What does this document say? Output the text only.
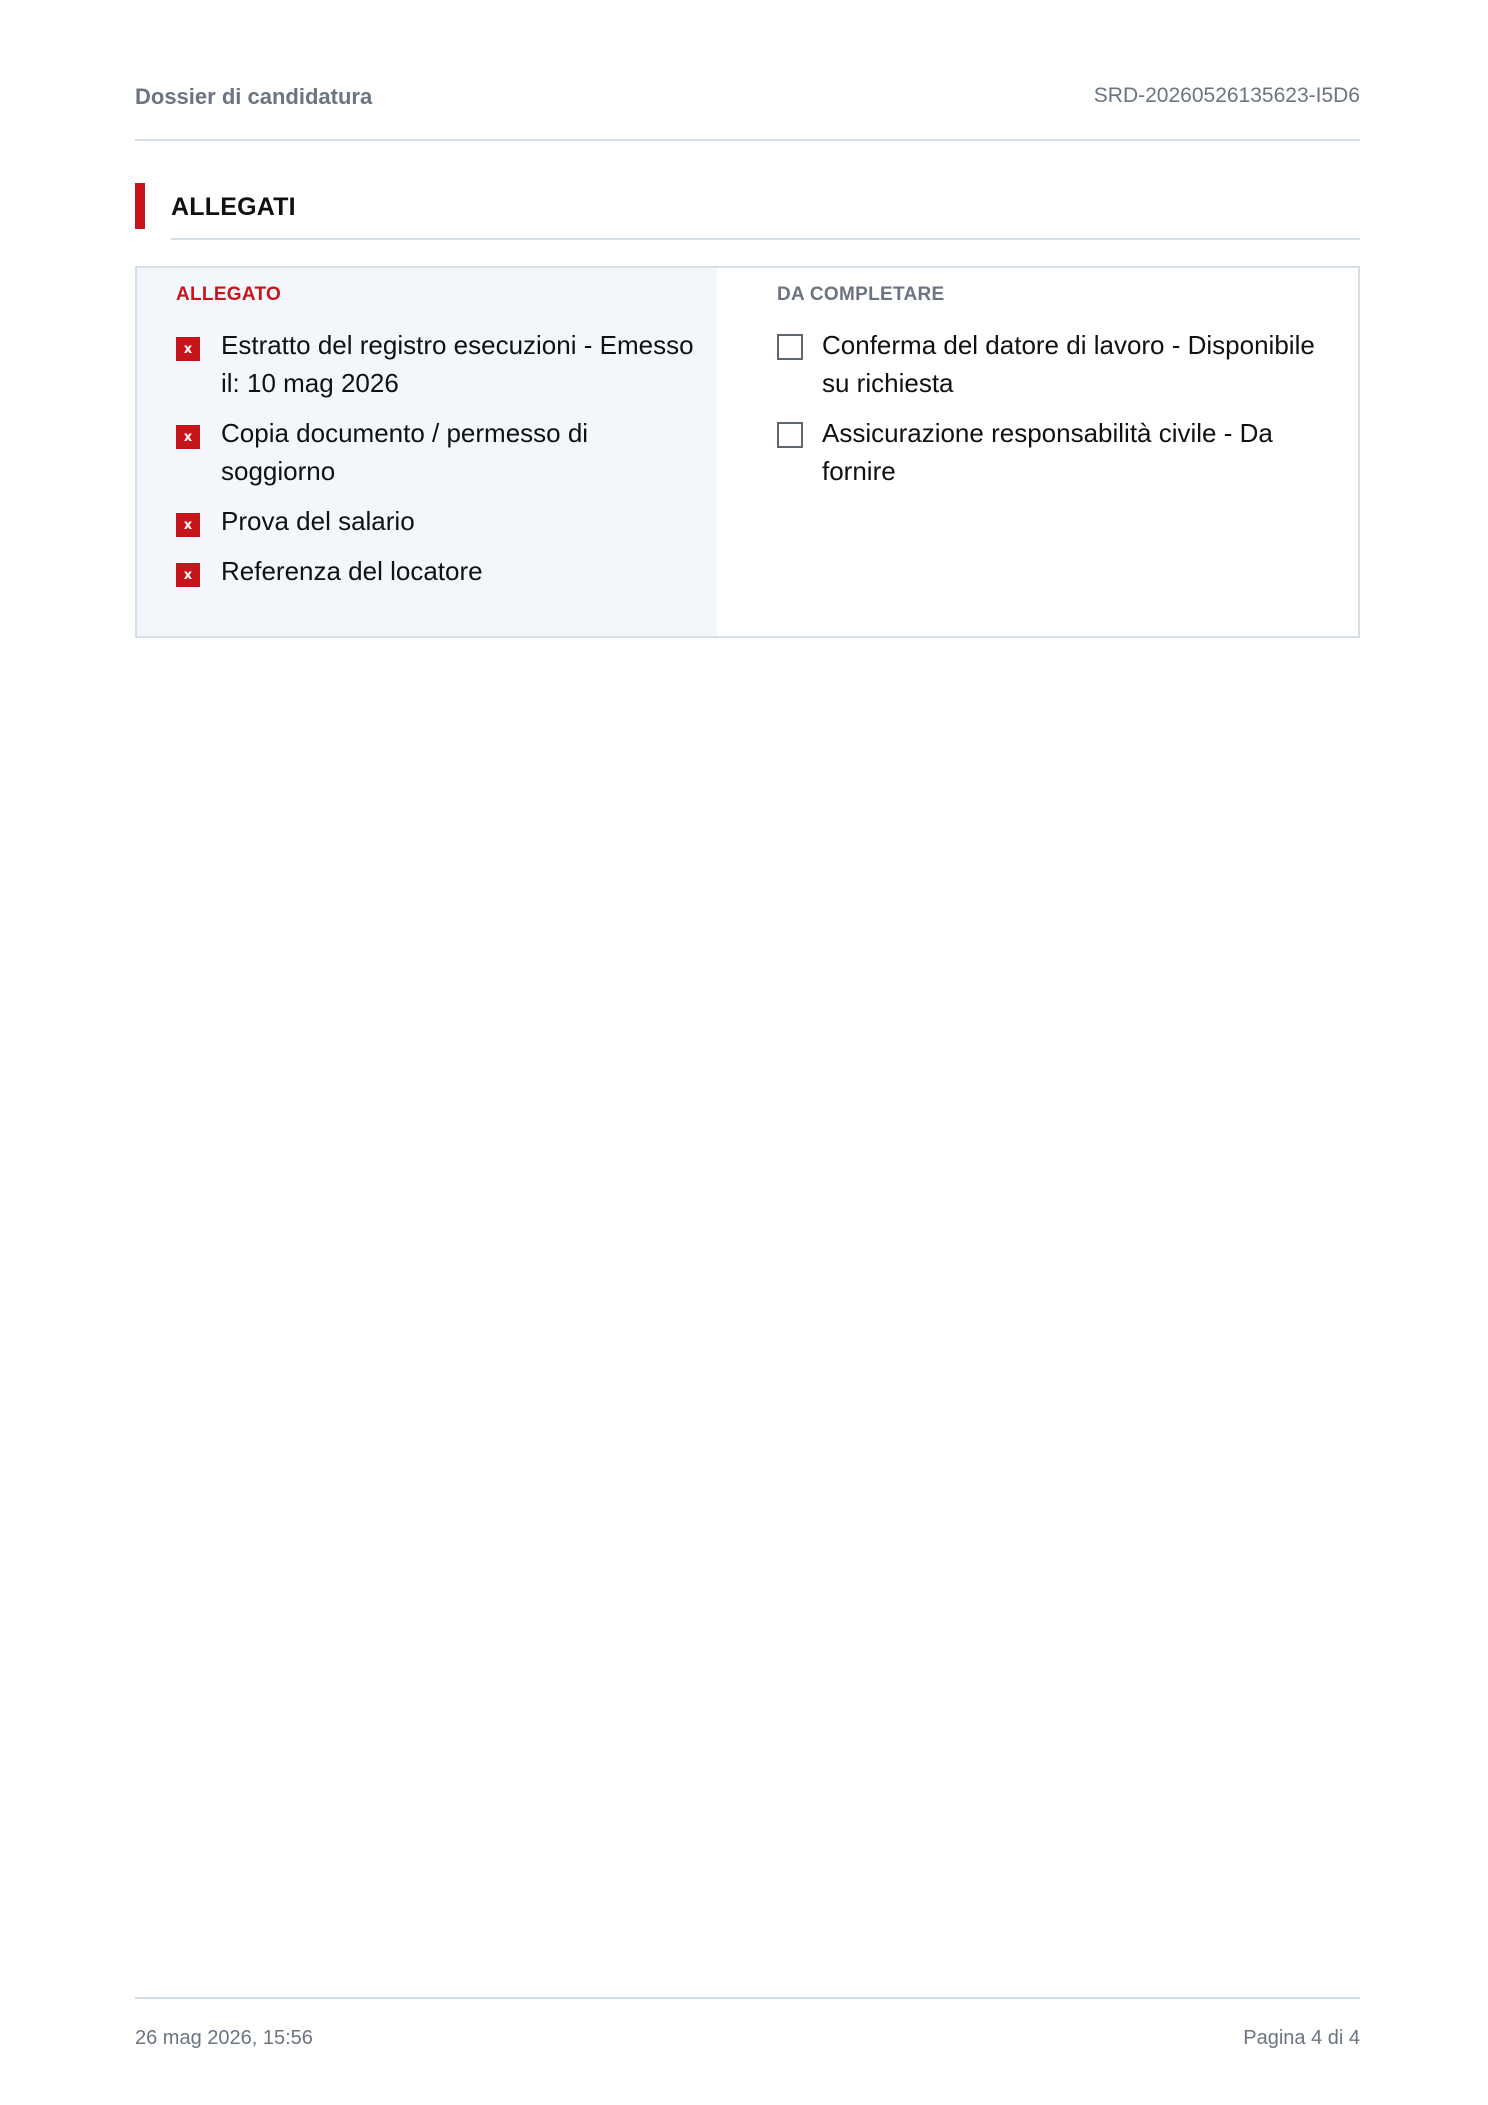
Dossier di candidatura	SRD-20260526135623-I5D6
ALLEGATI
ALLEGATO
x	Estratto del registro esecuzioni - Emesso il: 10 mag 2026
x	Copia documento / permesso di soggiorno
x	Prova del salario
x	Referenza del locatore
DA COMPLETARE
Conferma del datore di lavoro - Disponibile su richiesta
Assicurazione responsabilità civile - Da fornire
26 mag 2026, 15:56	Pagina 4 di 4
